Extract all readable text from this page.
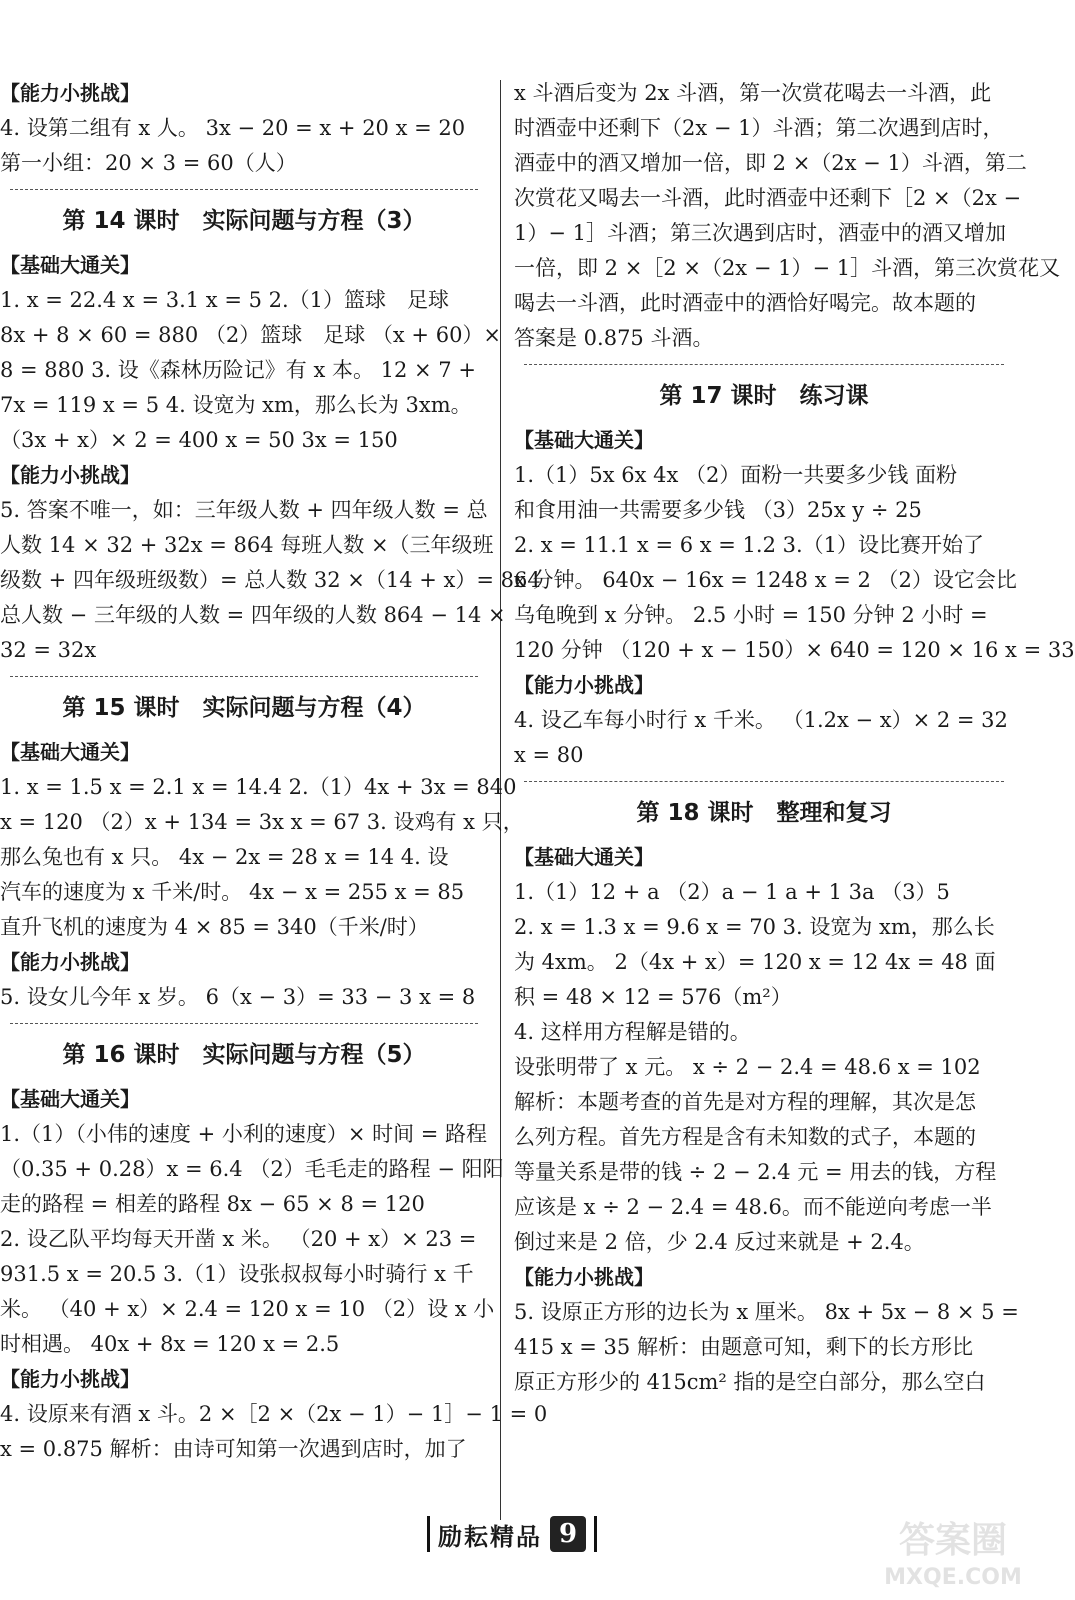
【能力小挑战】
4. 设第二组有 x 人。 3x − 20 = x + 20 x = 20
第一小组：20 × 3 = 60（人）
第 14 课时　实际问题与方程（3）
【基础大通关】
1. x = 22.4 x = 3.1 x = 5 2.（1）篮球　足球
8x + 8 × 60 = 880 （2）篮球　足球 （x + 60）×
8 = 880 3. 设《森林历险记》有 x 本。 12 × 7 +
7x = 119 x = 5 4. 设宽为 xm，那么长为 3xm。
（3x + x）× 2 = 400 x = 50 3x = 150
【能力小挑战】
5. 答案不唯一，如：三年级人数 + 四年级人数 = 总
人数 14 × 32 + 32x = 864 每班人数 ×（三年级班
级数 + 四年级班级数）= 总人数 32 ×（14 + x）= 864
总人数 − 三年级的人数 = 四年级的人数 864 − 14 ×
32 = 32x
第 15 课时　实际问题与方程（4）
【基础大通关】
1. x = 1.5 x = 2.1 x = 14.4 2.（1）4x + 3x = 840
x = 120 （2）x + 134 = 3x x = 67 3. 设鸡有 x 只，
那么兔也有 x 只。 4x − 2x = 28 x = 14 4. 设
汽车的速度为 x 千米/时。 4x − x = 255 x = 85
直升飞机的速度为 4 × 85 = 340（千米/时）
【能力小挑战】
5. 设女儿今年 x 岁。 6（x − 3）= 33 − 3 x = 8
第 16 课时　实际问题与方程（5）
【基础大通关】
1.（1）（小伟的速度 + 小利的速度）× 时间 = 路程
（0.35 + 0.28）x = 6.4 （2）毛毛走的路程 − 阳阳
走的路程 = 相差的路程 8x − 65 × 8 = 120
2. 设乙队平均每天开凿 x 米。 （20 + x）× 23 =
931.5 x = 20.5 3.（1）设张叔叔每小时骑行 x 千
米。 （40 + x）× 2.4 = 120 x = 10 （2）设 x 小
时相遇。 40x + 8x = 120 x = 2.5
【能力小挑战】
4. 设原来有酒 x 斗。2 ×［2 ×（2x − 1）− 1］− 1 = 0
x = 0.875 解析：由诗可知第一次遇到店时，加了
x 斗酒后变为 2x 斗酒，第一次赏花喝去一斗酒，此
时酒壶中还剩下（2x − 1）斗酒；第二次遇到店时，
酒壶中的酒又增加一倍，即 2 ×（2x − 1）斗酒，第二
次赏花又喝去一斗酒，此时酒壶中还剩下［2 ×（2x −
1）− 1］斗酒；第三次遇到店时，酒壶中的酒又增加
一倍，即 2 ×［2 ×（2x − 1）− 1］斗酒，第三次赏花又
喝去一斗酒，此时酒壶中的酒恰好喝完。故本题的
答案是 0.875 斗酒。
第 17 课时　练习课
【基础大通关】
1.（1）5x 6x 4x （2）面粉一共要多少钱 面粉
和食用油一共需要多少钱 （3）25x y ÷ 25
2. x = 11.1 x = 6 x = 1.2 3.（1）设比赛开始了
x 分钟。 640x − 16x = 1248 x = 2 （2）设它会比
乌龟晚到 x 分钟。 2.5 小时 = 150 分钟 2 小时 =
120 分钟 （120 + x − 150）× 640 = 120 × 16 x = 33
【能力小挑战】
4. 设乙车每小时行 x 千米。 （1.2x − x）× 2 = 32
x = 80
第 18 课时　整理和复习
【基础大通关】
1.（1）12 + a （2）a − 1 a + 1 3a （3）5
2. x = 1.3 x = 9.6 x = 70 3. 设宽为 xm，那么长
为 4xm。 2（4x + x）= 120 x = 12 4x = 48 面
积 = 48 × 12 = 576（m²）
4. 这样用方程解是错的。
设张明带了 x 元。 x ÷ 2 − 2.4 = 48.6 x = 102
解析：本题考查的首先是对方程的理解，其次是怎
么列方程。首先方程是含有未知数的式子，本题的
等量关系是带的钱 ÷ 2 − 2.4 元 = 用去的钱，方程
应该是 x ÷ 2 − 2.4 = 48.6。而不能逆向考虑一半
倒过来是 2 倍，少 2.4 反过来就是 + 2.4。
【能力小挑战】
5. 设原正方形的边长为 x 厘米。 8x + 5x − 8 × 5 =
415 x = 35 解析：由题意可知，剩下的长方形比
原正方形少的 415cm² 指的是空白部分，那么空白
励耘精品 9	答案圈
MXQE.COM
